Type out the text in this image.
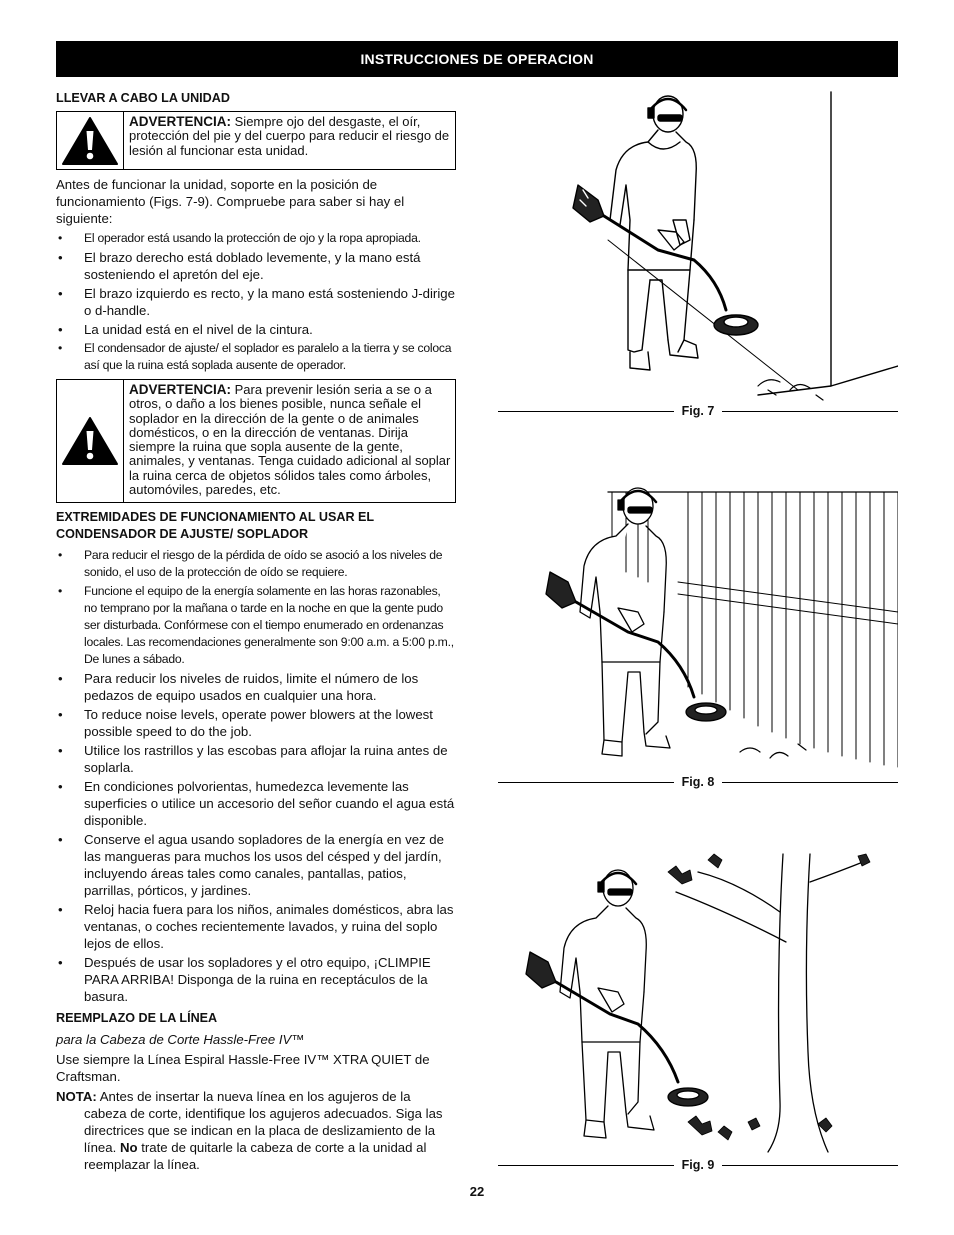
INSTRUCCIONES DE OPERACION
LLEVAR A CABO LA UNIDAD
ADVERTENCIA: Siempre ojo del desgaste, el oír, protección del pie y del cuerpo para reducir el riesgo de lesión al funcionar esta unidad.

Antes de funcionar la unidad, soporte en la posición de funcionamiento (Figs. 7-9). Compruebe para saber si hay el siguiente:

• El operador está usando la protección de ojo y la ropa apropiada.
• El brazo derecho está doblado levemente, y la mano está sosteniendo el apretón del eje.
• El brazo izquierdo es recto, y la mano está sosteniendo J-dirige o d-handle.
• La unidad está en el nivel de la cintura.
• El condensador de ajuste/ el soplador es paralelo a la tierra y se coloca así que la ruina está soplada ausente de operador.
ADVERTENCIA: Para prevenir lesión seria a se o a otros, o daño a los bienes posible, nunca señale el soplador en la dirección de la gente o de animales domésticos, o en la dirección de ventanas. Dirija siempre la ruina que sopla ausente de la gente, animales, y ventanas. Tenga cuidado adicional al soplar la ruina cerca de objetos sólidos tales como árboles, automóviles, paredes, etc.
EXTREMIDADES DE FUNCIONAMIENTO AL USAR EL CONDENSADOR DE AJUSTE/ SOPLADOR
• Para reducir el riesgo de la pérdida de oído se asoció a los niveles de sonido, el uso de la protección de oído se requiere.
• Funcione el equipo de la energía solamente en las horas razonables, no temprano por la mañana o tarde en la noche en que la gente pudo ser disturbada. Confórmese con el tiempo enumerado en ordenanzas locales. Las recomendaciones generalmente son 9:00 a.m. a 5:00 p.m., De lunes a sábado.
• Para reducir los niveles de ruidos, limite el número de los pedazos de equipo usados en cualquier una hora.
• To reduce noise levels, operate power blowers at the lowest possible speed to do the job.
• Utilice los rastrillos y las escobas para aflojar la ruina antes de soplarla.
• En condiciones polvorientas, humedezca levemente las superficies o utilice un accesorio del señor cuando el agua está disponible.
• Conserve el agua usando sopladores de la energía en vez de las mangueras para muchos los usos del césped y del jardín, incluyendo áreas tales como canales, pantallas, patios, parrillas, pórticos, y jardines.
• Reloj hacia fuera para los niños, animales domésticos, abra las ventanas, o coches recientemente lavados, y ruina del soplo lejos de ellos.
• Después de usar los sopladores y el otro equipo, ¡CLIMPIE PARA ARRIBA! Disponga de la ruina en receptáculos de la basura.
REEMPLAZO DE LA LÍNEA

para la Cabeza de Corte Hassle-Free IV™

Use siempre la Línea Espiral Hassle-Free IV™ XTRA QUIET de Craftsman.

NOTA: Antes de insertar la nueva línea en los agujeros de la cabeza de corte, identifique los agujeros adecuados. Siga las directrices que se indican en la placa de deslizamiento de la línea. No trate de quitarle la cabeza de corte a la unidad al reemplazar la línea.

Fig. 7
Fig. 8
Fig. 9
22
